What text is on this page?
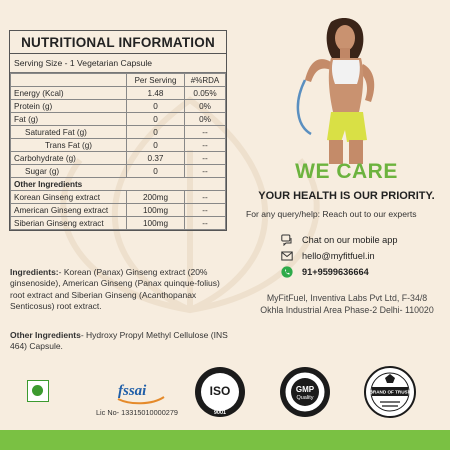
NUTRITIONAL INFORMATION
Serving Size - 1 Vegetarian Capsule
	Per Serving	#%RDA
Energy (Kcal)	1.48	0.05%
Protein (g)	0	0%
Fat (g)	0	0%
Saturated Fat (g)	0	--
Trans Fat (g)	0	--
Carbohydrate (g)	0.37	--
Sugar (g)	0	--
Other Ingredients		
Korean Ginseng extract	200mg	--
American Ginseng extract	100mg	--
Siberian Ginseng extract	100mg	--
Ingredients:- Korean (Panax) Ginseng extract (20% ginsenoside), American Ginseng (Panax quinque-folius) root extract and Siberian Ginseng (Acanthopanax Senticosus) root extract.
Other Ingredients- Hydroxy Propyl Methyl Cellulose (INS 464) Capsule.
WE CARE
YOUR HEALTH IS OUR PRIORITY.
For any query/help: Reach out to our experts
Chat on our mobile app
hello@myfitfuel.in
91+9599636664
MyFitFuel, Inventiva Labs Pvt Ltd, F-34/8
Okhla Industrial Area Phase-2 Delhi- 110020
fssai
Lic No- 13315010000279
ISO
9001
GMP
Quality
BRAND OF TRUST
